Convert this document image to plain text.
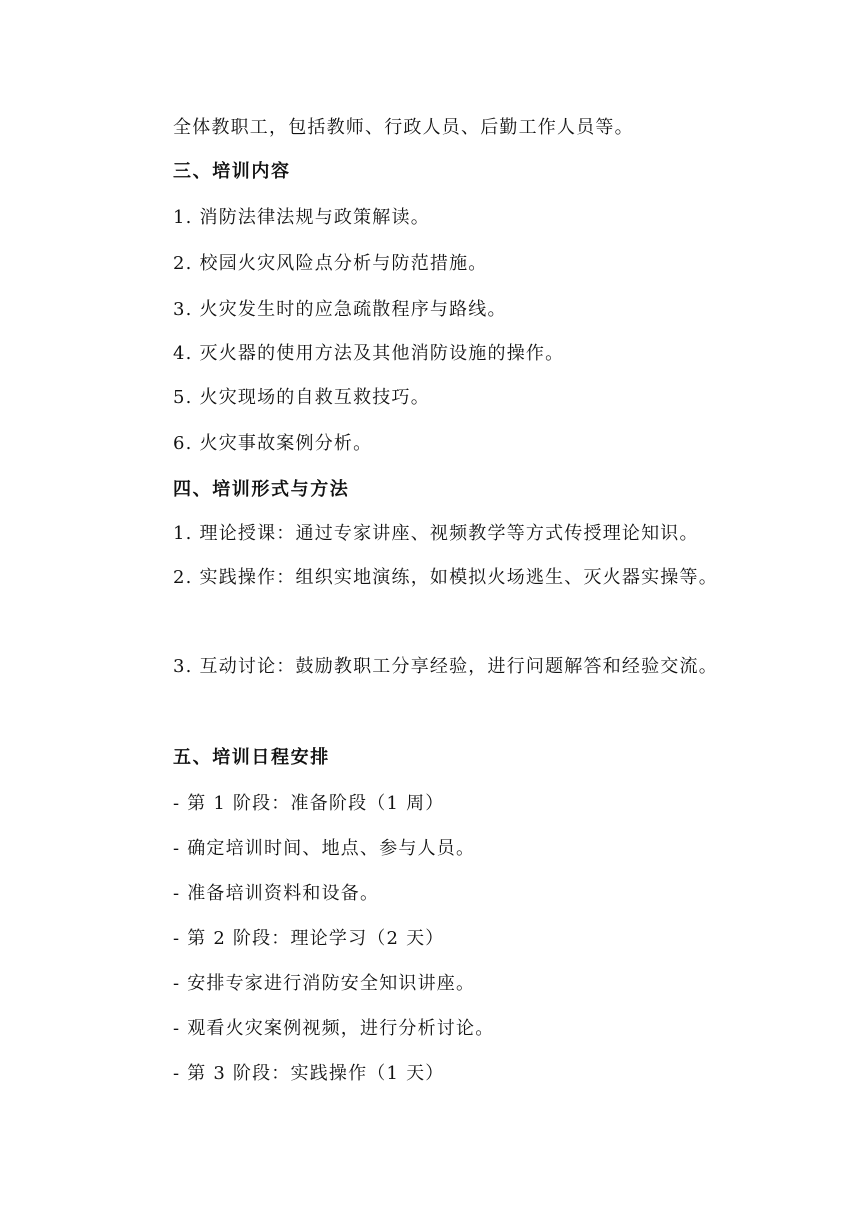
全体教职工，包括教师、行政人员、后勤工作人员等。
三、培训内容
1. 消防法律法规与政策解读。
2. 校园火灾风险点分析与防范措施。
3. 火灾发生时的应急疏散程序与路线。
4. 灭火器的使用方法及其他消防设施的操作。
5. 火灾现场的自救互救技巧。
6. 火灾事故案例分析。
四、培训形式与方法
1. 理论授课：通过专家讲座、视频教学等方式传授理论知识。
2. 实践操作：组织实地演练，如模拟火场逃生、灭火器实操等。
3. 互动讨论：鼓励教职工分享经验，进行问题解答和经验交流。
五、培训日程安排
- 第 1 阶段：准备阶段（1 周）
- 确定培训时间、地点、参与人员。
- 准备培训资料和设备。
- 第 2 阶段：理论学习（2 天）
- 安排专家进行消防安全知识讲座。
- 观看火灾案例视频，进行分析讨论。
- 第 3 阶段：实践操作（1 天）
